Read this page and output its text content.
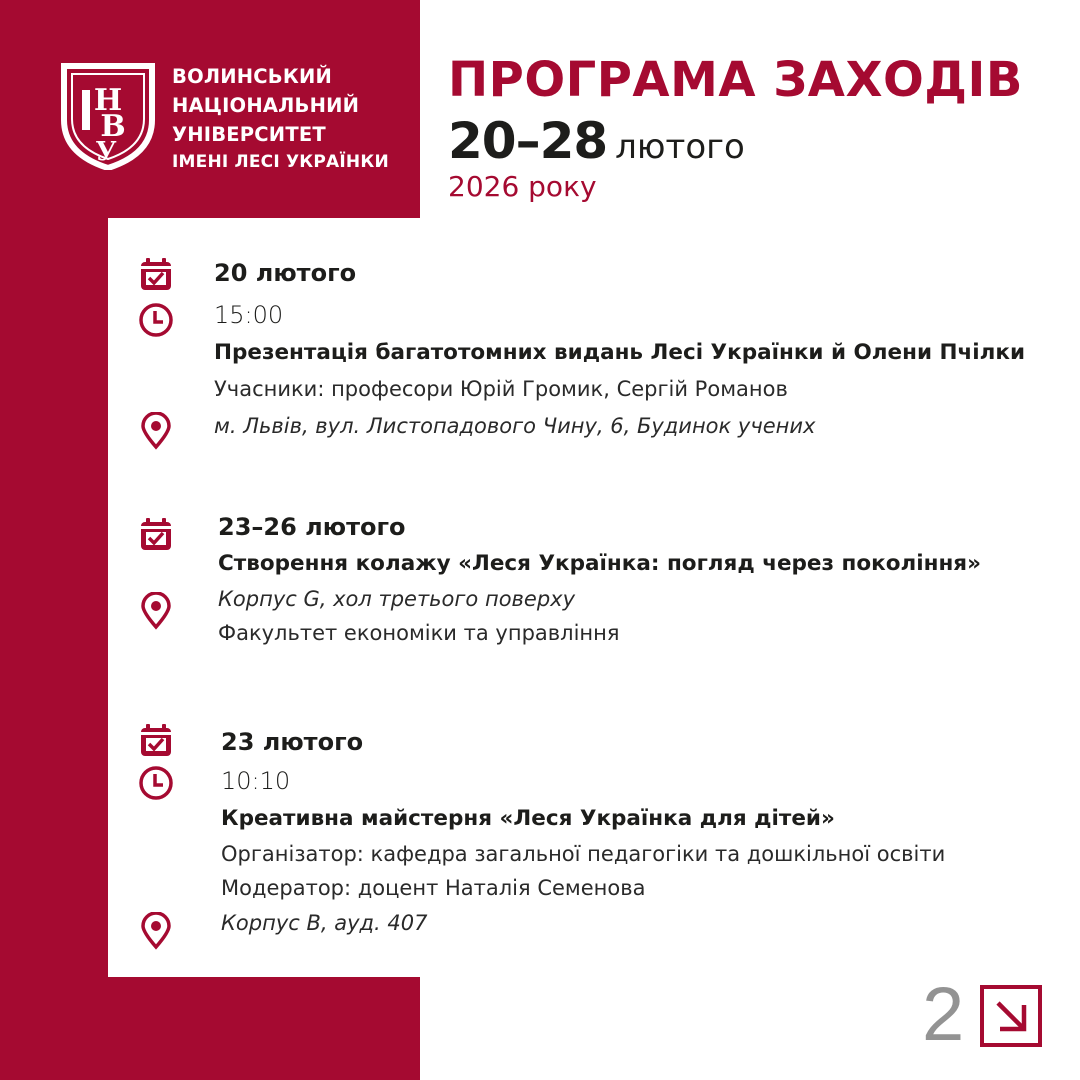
Н
В
У
ВОЛИНСЬКИЙ
НАЦІОНАЛЬНИЙ
УНІВЕРСИТЕТ
ІМЕНІ ЛЕСІ УКРАЇНКИ
ПРОГРАМА ЗАХОДІВ
20–28 лютого
2026 року
20 лютого
15:00
Презентація багатотомних видань Лесі Українки й Олени Пчілки
Учасники: професори Юрій Громик, Сергій Романов
м. Львів, вул. Листопадового Чину, 6, Будинок учених
23–26 лютого
Створення колажу «Леся Українка: погляд через покоління»
Корпус G, хол третього поверху
Факультет економіки та управління
23 лютого
10:10
Креативна майстерня «Леся Українка для дітей»
Організатор: кафедра загальної педагогіки та дошкільної освіти
Модератор: доцент Наталія Семенова
Корпус B, ауд. 407
2
